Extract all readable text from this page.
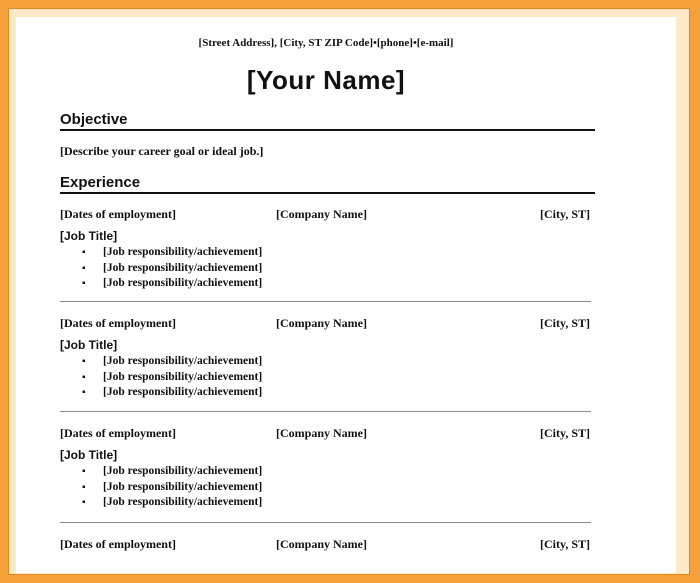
[Street Address], [City, ST ZIP Code]•[phone]•[e-mail]
[Your Name]
Objective
[Describe your career goal or ideal job.]
Experience
[Dates of employment]	[Company Name]	[City, ST]
[Job Title]
▪ [Job responsibility/achievement]
▪ [Job responsibility/achievement]
▪ [Job responsibility/achievement]
[Dates of employment]	[Company Name]	[City, ST]
[Job Title]
▪ [Job responsibility/achievement]
▪ [Job responsibility/achievement]
▪ [Job responsibility/achievement]
[Dates of employment]	[Company Name]	[City, ST]
[Job Title]
▪ [Job responsibility/achievement]
▪ [Job responsibility/achievement]
▪ [Job responsibility/achievement]
[Dates of employment]	[Company Name]	[City, ST]
